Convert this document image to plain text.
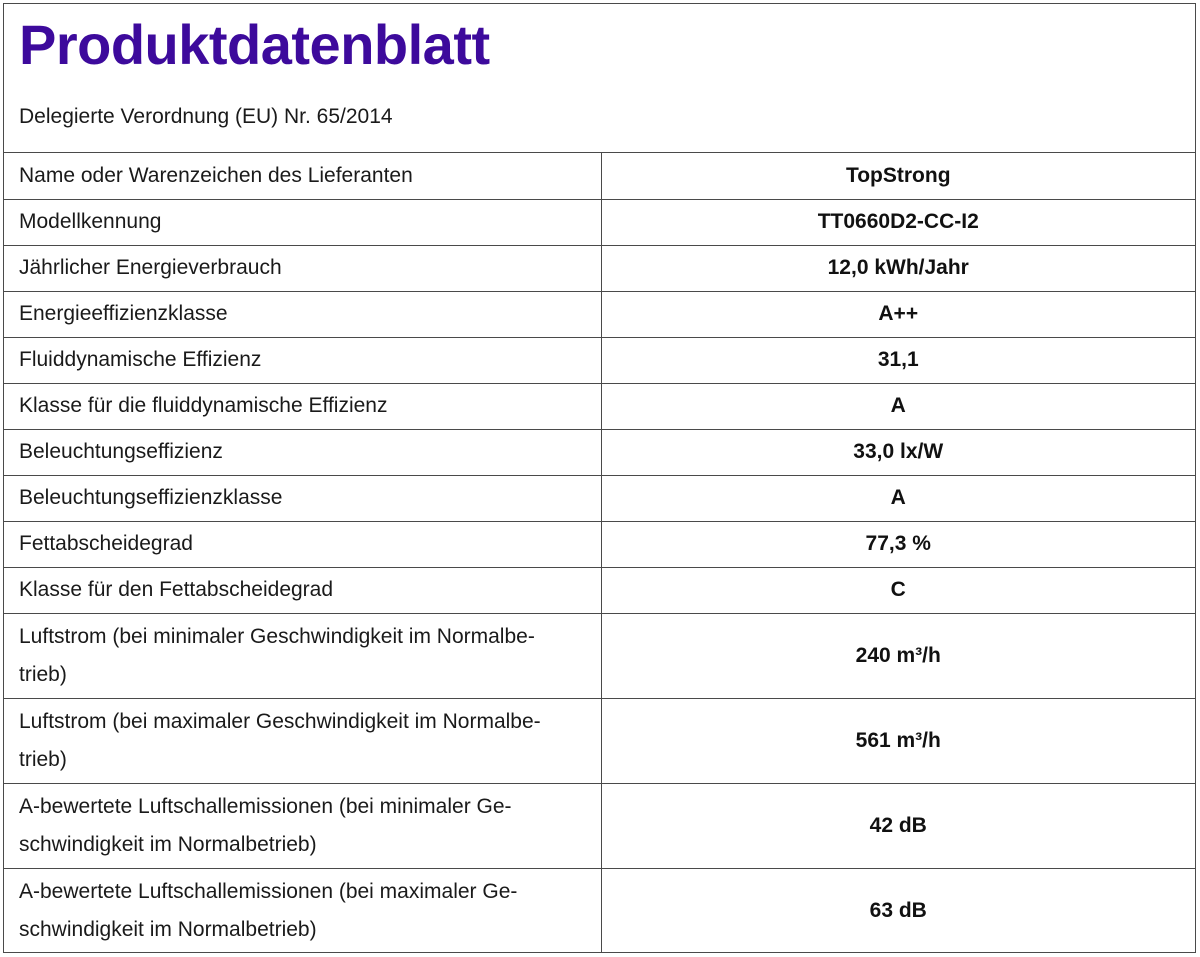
Produktdatenblatt
Delegierte Verordnung (EU) Nr. 65/2014
Name oder Warenzeichen des Lieferanten	TopStrong
Modellkennung	TT0660D2-CC-I2
Jährlicher Energieverbrauch	12,0 kWh/Jahr
Energieeffizienzklasse	A++
Fluiddynamische Effizienz	31,1
Klasse für die fluiddynamische Effizienz	A
Beleuchtungseffizienz	33,0 lx/W
Beleuchtungseffizienzklasse	A
Fettabscheidegrad	77,3 %
Klasse für den Fettabscheidegrad	C
Luftstrom (bei minimaler Geschwindigkeit im Normalbe-
trieb)	240 m³/h
Luftstrom (bei maximaler Geschwindigkeit im Normalbe-
trieb)	561 m³/h
A-bewertete Luftschallemissionen (bei minimaler Ge-
schwindigkeit im Normalbetrieb)	42 dB
A-bewertete Luftschallemissionen (bei maximaler Ge-
schwindigkeit im Normalbetrieb)	63 dB
